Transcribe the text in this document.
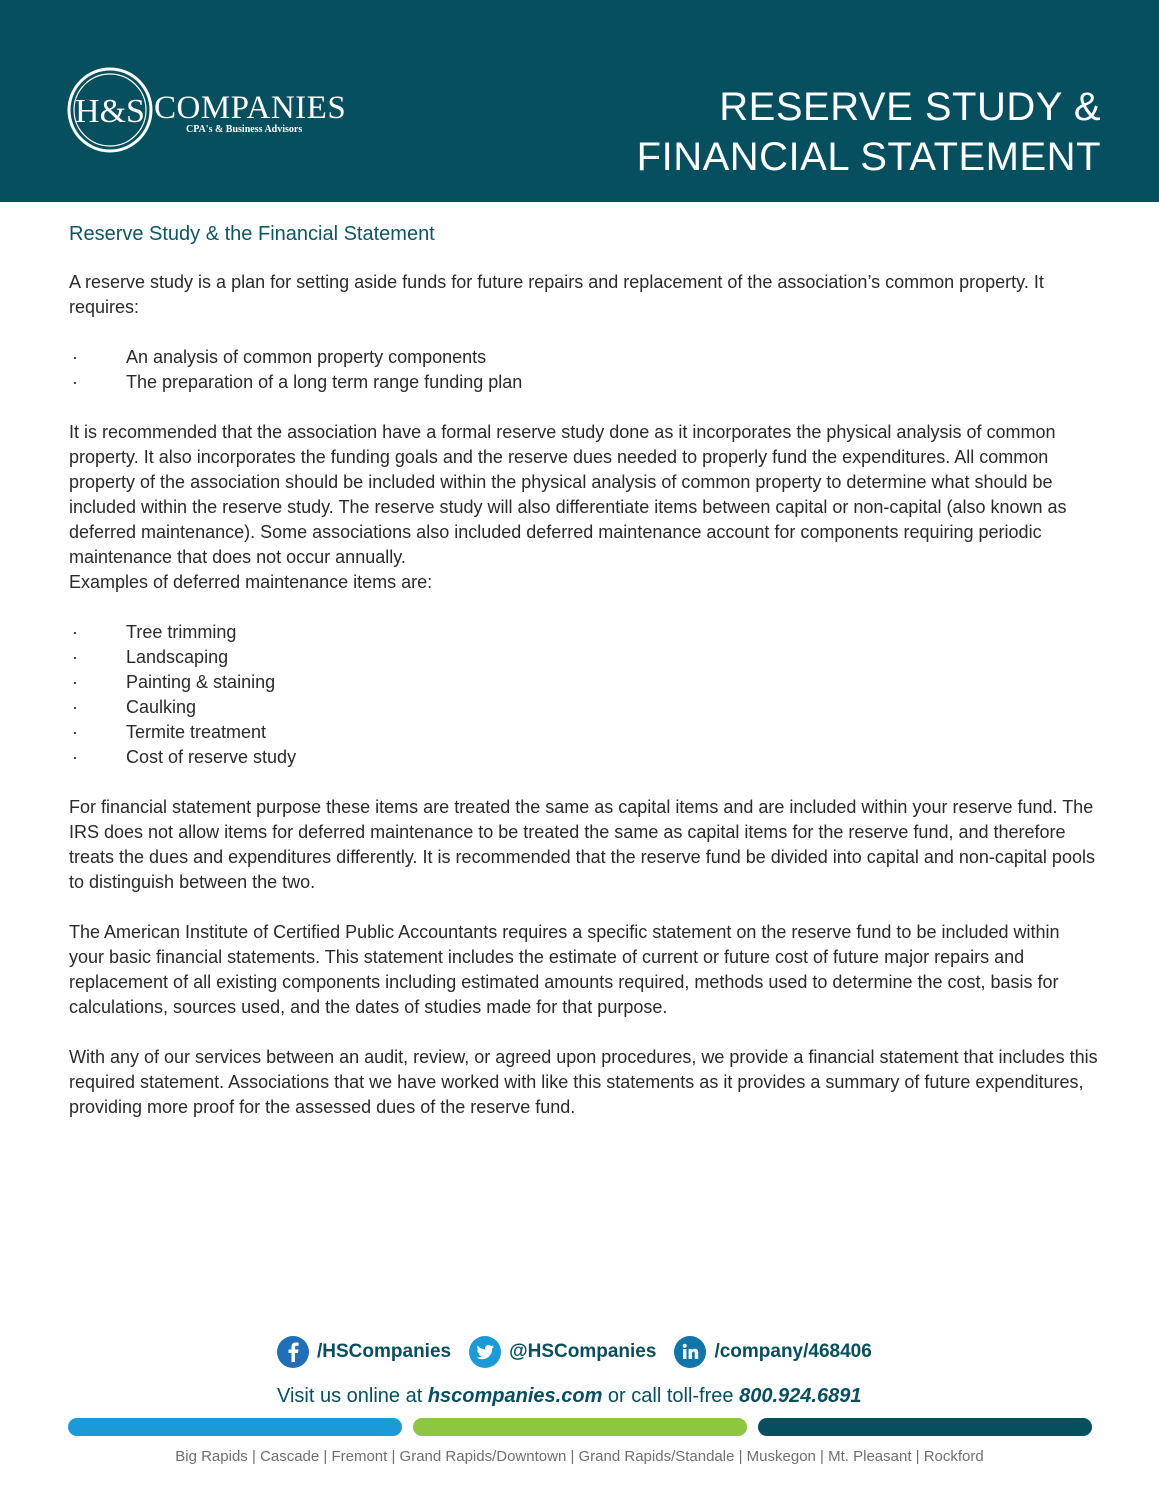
H&S COMPANIES
CPA's & Business Advisors
RESERVE STUDY &
FINANCIAL STATEMENT
Reserve Study & the Financial Statement

A reserve study is a plan for setting aside funds for future repairs and replacement of the association’s common property. It requires:

·	An analysis of common property components
·	The preparation of a long term range funding plan

It is recommended that the association have a formal reserve study done as it incorporates the physical analysis of common property. It also incorporates the funding goals and the reserve dues needed to properly fund the expenditures. All common property of the association should be included within the physical analysis of common property to determine what should be included within the reserve study. The reserve study will also differentiate items between capital or non-capital (also known as deferred maintenance). Some associations also included deferred maintenance account for components requiring periodic maintenance that does not occur annually.

Examples of deferred maintenance items are:

·	Tree trimming
·	Landscaping
·	Painting & staining
·	Caulking
·	Termite treatment
·	Cost of reserve study

For financial statement purpose these items are treated the same as capital items and are included within your reserve fund. The IRS does not allow items for deferred maintenance to be treated the same as capital items for the reserve fund, and therefore treats the dues and expenditures differently. It is recommended that the reserve fund be divided into capital and non-capital pools to distinguish between the two.

The American Institute of Certified Public Accountants requires a specific statement on the reserve fund to be included within your basic financial statements. This statement includes the estimate of current or future cost of future major repairs and replacement of all existing components including estimated amounts required, methods used to determine the cost, basis for calculations, sources used, and the dates of studies made for that purpose.

With any of our services between an audit, review, or agreed upon procedures, we provide a financial statement that includes this required statement. Associations that we have worked with like this statements as it provides a summary of future expenditures, providing more proof for the assessed dues of the reserve fund.

/HSCompanies	@HSCompanies	/company/468406
Visit us online at hscompanies.com or call toll-free 800.924.6891
Big Rapids | Cascade | Fremont | Grand Rapids/Downtown | Grand Rapids/Standale | Muskegon | Mt. Pleasant | Rockford
